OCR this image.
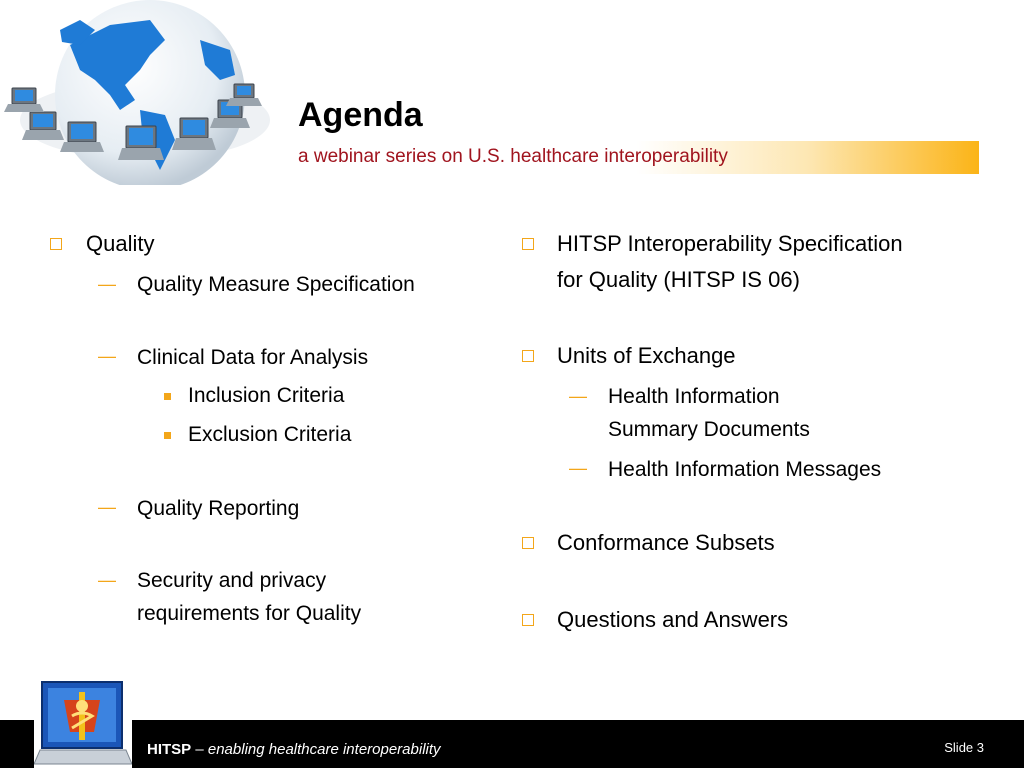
Agenda
a webinar series on U.S. healthcare interoperability
Quality
— Quality Measure Specification
— Clinical Data for Analysis
Inclusion Criteria
Exclusion Criteria
— Quality Reporting
— Security and privacy
requirements for Quality
HITSP Interoperability Specification
for Quality (HITSP IS 06)
Units of Exchange
— Health Information
Summary Documents
— Health Information Messages
Conformance Subsets
Questions and Answers
HITSP – enabling healthcare interoperability	Slide 3
